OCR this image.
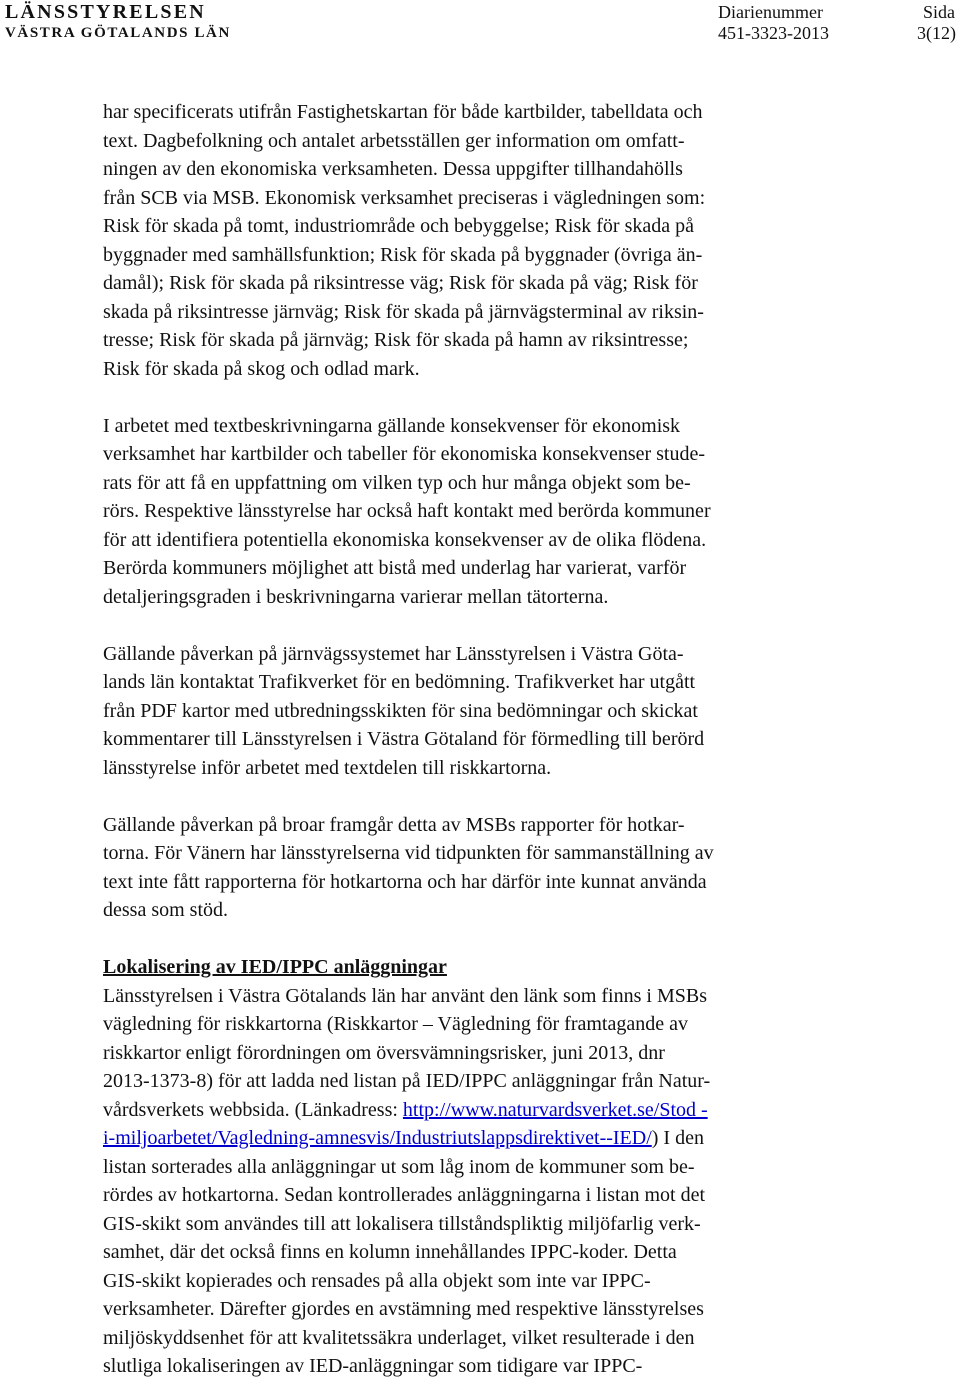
LÄNSSTYRELSEN
VÄSTRA GÖTALANDS LÄN
Diarienummer
451-3323-2013
Sida
3(12)

har specificerats utifrån Fastighetskartan för både kartbilder, tabelldata och
text. Dagbefolkning och antalet arbetsställen ger information om omfatt-
ningen av den ekonomiska verksamheten. Dessa uppgifter tillhandahölls
från SCB via MSB. Ekonomisk verksamhet preciseras i vägledningen som:
Risk för skada på tomt, industriområde och bebyggelse; Risk för skada på
byggnader med samhällsfunktion; Risk för skada på byggnader (övriga än-
damål); Risk för skada på riksintresse väg; Risk för skada på väg; Risk för
skada på riksintresse järnväg; Risk för skada på järnvägsterminal av riksin-
tresse; Risk för skada på järnväg; Risk för skada på hamn av riksintresse;
Risk för skada på skog och odlad mark.

I arbetet med textbeskrivningarna gällande konsekvenser för ekonomisk
verksamhet har kartbilder och tabeller för ekonomiska konsekvenser stude-
rats för att få en uppfattning om vilken typ och hur många objekt som be-
rörs. Respektive länsstyrelse har också haft kontakt med berörda kommuner
för att identifiera potentiella ekonomiska konsekvenser av de olika flödena.
Berörda kommuners möjlighet att bistå med underlag har varierat, varför
detaljeringsgraden i beskrivningarna varierar mellan tätorterna.

Gällande påverkan på järnvägssystemet har Länsstyrelsen i Västra Göta-
lands län kontaktat Trafikverket för en bedömning. Trafikverket har utgått
från PDF kartor med utbredningsskikten för sina bedömningar och skickat
kommentarer till Länsstyrelsen i Västra Götaland för förmedling till berörd
länsstyrelse inför arbetet med textdelen till riskkartorna.

Gällande påverkan på broar framgår detta av MSBs rapporter för hotkar-
torna. För Vänern har länsstyrelserna vid tidpunkten för sammanställning av
text inte fått rapporterna för hotkartorna och har därför inte kunnat använda
dessa som stöd.

Lokalisering av IED/IPPC anläggningar

Länsstyrelsen i Västra Götalands län har använt den länk som finns i MSBs
vägledning för riskkartorna (Riskkartor – Vägledning för framtagande av
riskkartor enligt förordningen om översvämningsrisker, juni 2013, dnr
2013-1373-8) för att ladda ned listan på IED/IPPC anläggningar från Natur-
vårdsverkets webbsida. (Länkadress: http://www.naturvardsverket.se/Stod -
i-miljoarbetet/Vagledning-amnesvis/Industriutslappsdirektivet--IED/) I den
listan sorterades alla anläggningar ut som låg inom de kommuner som be-
rördes av hotkartorna. Sedan kontrollerades anläggningarna i listan mot det
GIS-skikt som användes till att lokalisera tillståndspliktig miljöfarlig verk-
samhet, där det också finns en kolumn innehållandes IPPC-koder. Detta
GIS-skikt kopierades och rensades på alla objekt som inte var IPPC-
verksamheter. Därefter gjordes en avstämning med respektive länsstyrelses
miljöskyddsenhet för att kvalitetssäkra underlaget, vilket resulterade i den
slutliga lokaliseringen av IED-anläggningar som tidigare var IPPC-
